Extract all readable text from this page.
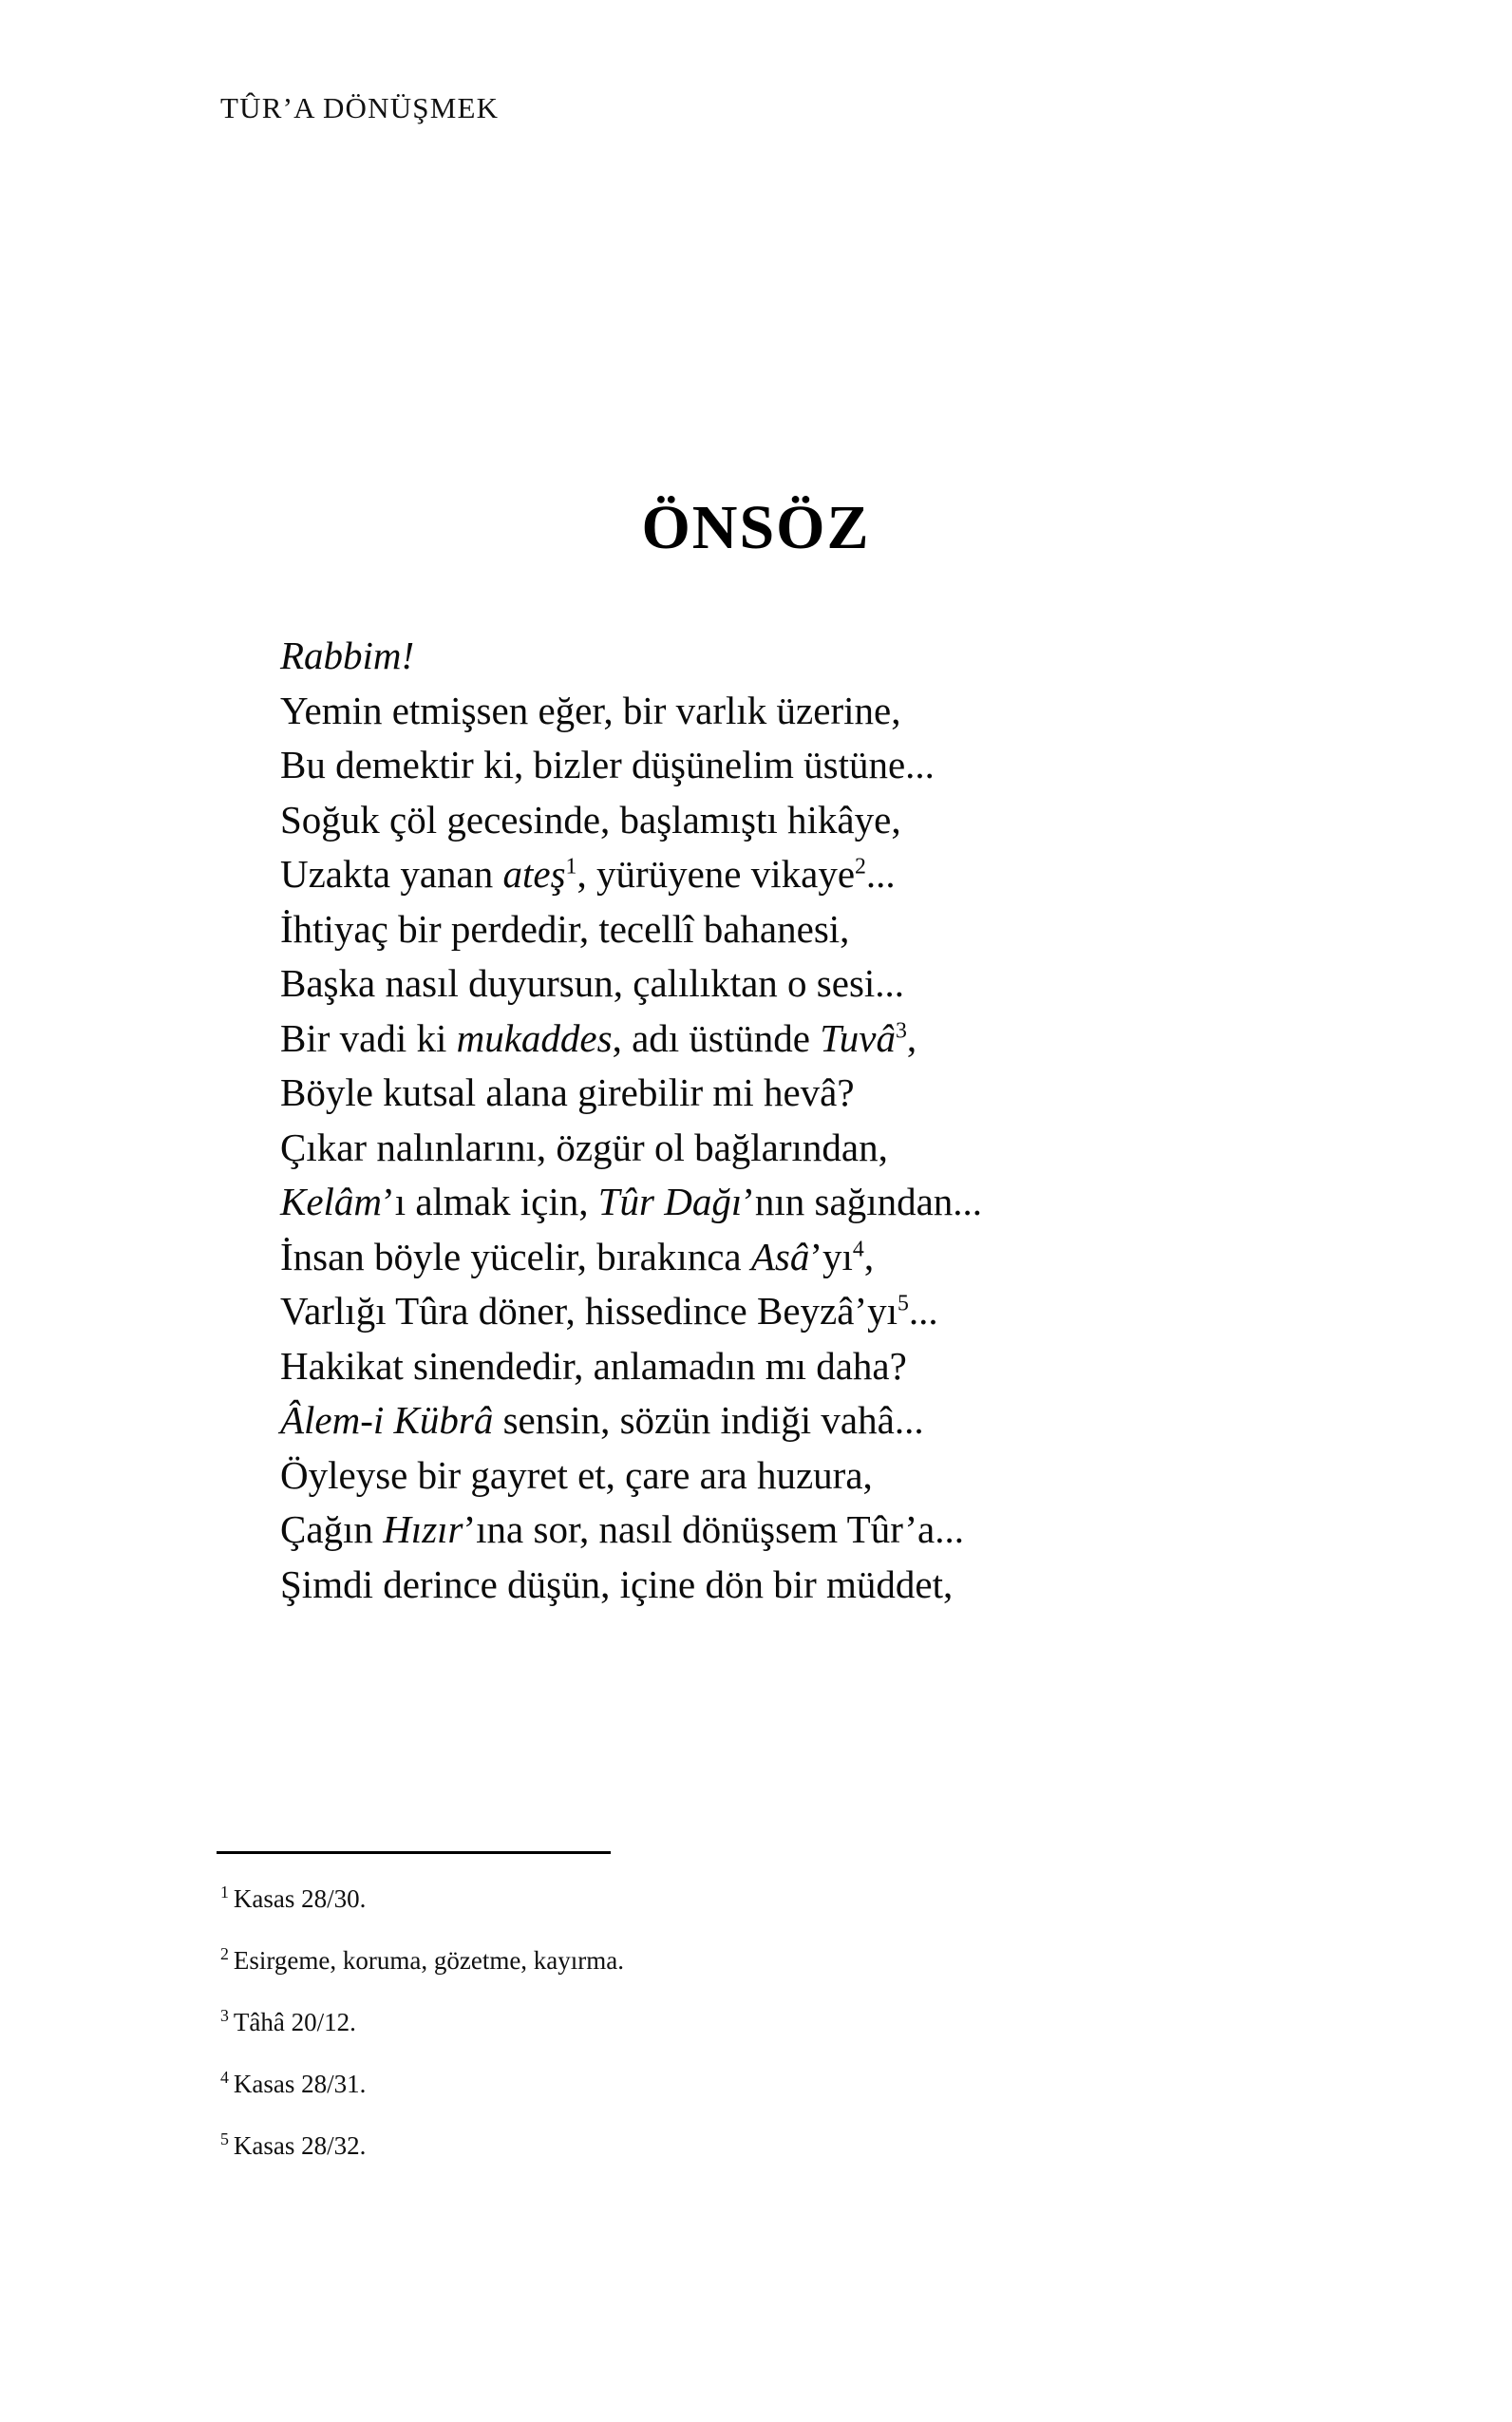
TÛR’A DÖNÜŞMEK
ÖNSÖZ
Rabbim!
Yemin etmişsen eğer, bir varlık üzerine,
Bu demektir ki, bizler düşünelim üstüne...
Soğuk çöl gecesinde, başlamıştı hikâye,
Uzakta yanan ateş$^1$, yürüyene vikaye$^2$...
İhtiyaç bir perdedir, tecellî bahanesi,
Başka nasıl duyursun, çalılıktan o sesi...
Bir vadi ki mukaddes, adı üstünde Tuvâ$^3$,
Böyle kutsal alana girebilir mi hevâ?
Çıkar nalınlarını, özgür ol bağlarından,
Kelâm’ı almak için, Tûr Dağı’nın sağından...
İnsan böyle yücelir, bırakınca $Asâ’yı^4$,
Varlığı Tûra döner, hissedince $Beyzâ’yı^5$...
Hakikat sinendedir, anlamadın mı daha?
Âlem-i Kübrâ sensin, sözün indiği vahâ...
Öyleyse bir gayret et, çare ara huzura,
Çağın Hızır’ına sor, nasıl dönüşsem Tûr’a...
Şimdi derince düşün, içine dön bir müddet,
$^1$ Kasas 28/30.
$^2$ Esirgeme, koruma, gözetme, kayırma.
$^3$ Tâhâ 20/12.
$^4$ Kasas 28/31.
$^5$ Kasas 28/32.
